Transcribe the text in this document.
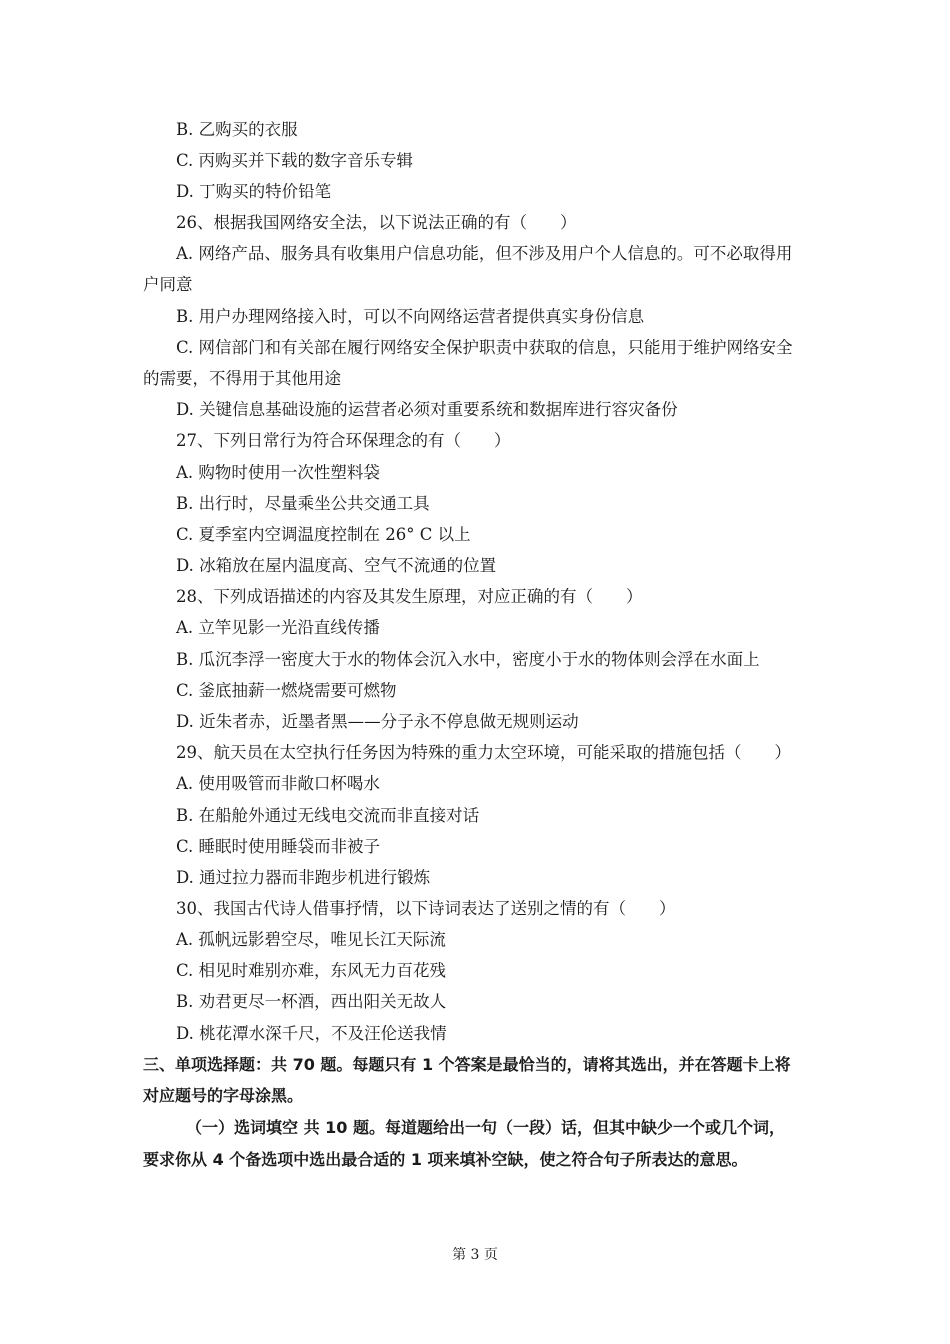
B. 乙购买的衣服
C. 丙购买并下载的数字音乐专辑
D. 丁购买的特价铅笔
26、根据我国网络安全法，以下说法正确的有（　　）
A. 网络产品、服务具有收集用户信息功能，但不涉及用户个人信息的。可不必取得用
户同意
B. 用户办理网络接入时，可以不向网络运营者提供真实身份信息
C. 网信部门和有关部在履行网络安全保护职责中获取的信息，只能用于维护网络安全
的需要，不得用于其他用途
D. 关键信息基础设施的运营者必须对重要系统和数据库进行容灾备份
27、下列日常行为符合环保理念的有（　　）
A. 购物时使用一次性塑料袋
B. 出行时，尽量乘坐公共交通工具
C. 夏季室内空调温度控制在 26° C 以上
D. 冰箱放在屋内温度高、空气不流通的位置
28、下列成语描述的内容及其发生原理，对应正确的有（　　）
A. 立竿见影一光沿直线传播
B. 瓜沉李浮一密度大于水的物体会沉入水中，密度小于水的物体则会浮在水面上
C. 釜底抽薪一燃烧需要可燃物
D. 近朱者赤，近墨者黑——分子永不停息做无规则运动
29、航天员在太空执行任务因为特殊的重力太空环境，可能采取的措施包括（　　）
A. 使用吸管而非敞口杯喝水
B. 在船舱外通过无线电交流而非直接对话
C. 睡眠时使用睡袋而非被子
D. 通过拉力器而非跑步机进行锻炼
30、我国古代诗人借事抒情，以下诗词表达了送别之情的有（　　）
A. 孤帆远影碧空尽，唯见长江天际流
C. 相见时难别亦难，东风无力百花残
B. 劝君更尽一杯酒，西出阳关无故人
D. 桃花潭水深千尺，不及汪伦送我情
三、单项选择题：共 70 题。每题只有 1 个答案是最恰当的，请将其选出，并在答题卡上将
对应题号的字母涂黑。
（一）选词填空 共 10 题。每道题给出一句（一段）话，但其中缺少一个或几个词，
要求你从 4 个备选项中选出最合适的 1 项来填补空缺，使之符合句子所表达的意思。
第 3 页
